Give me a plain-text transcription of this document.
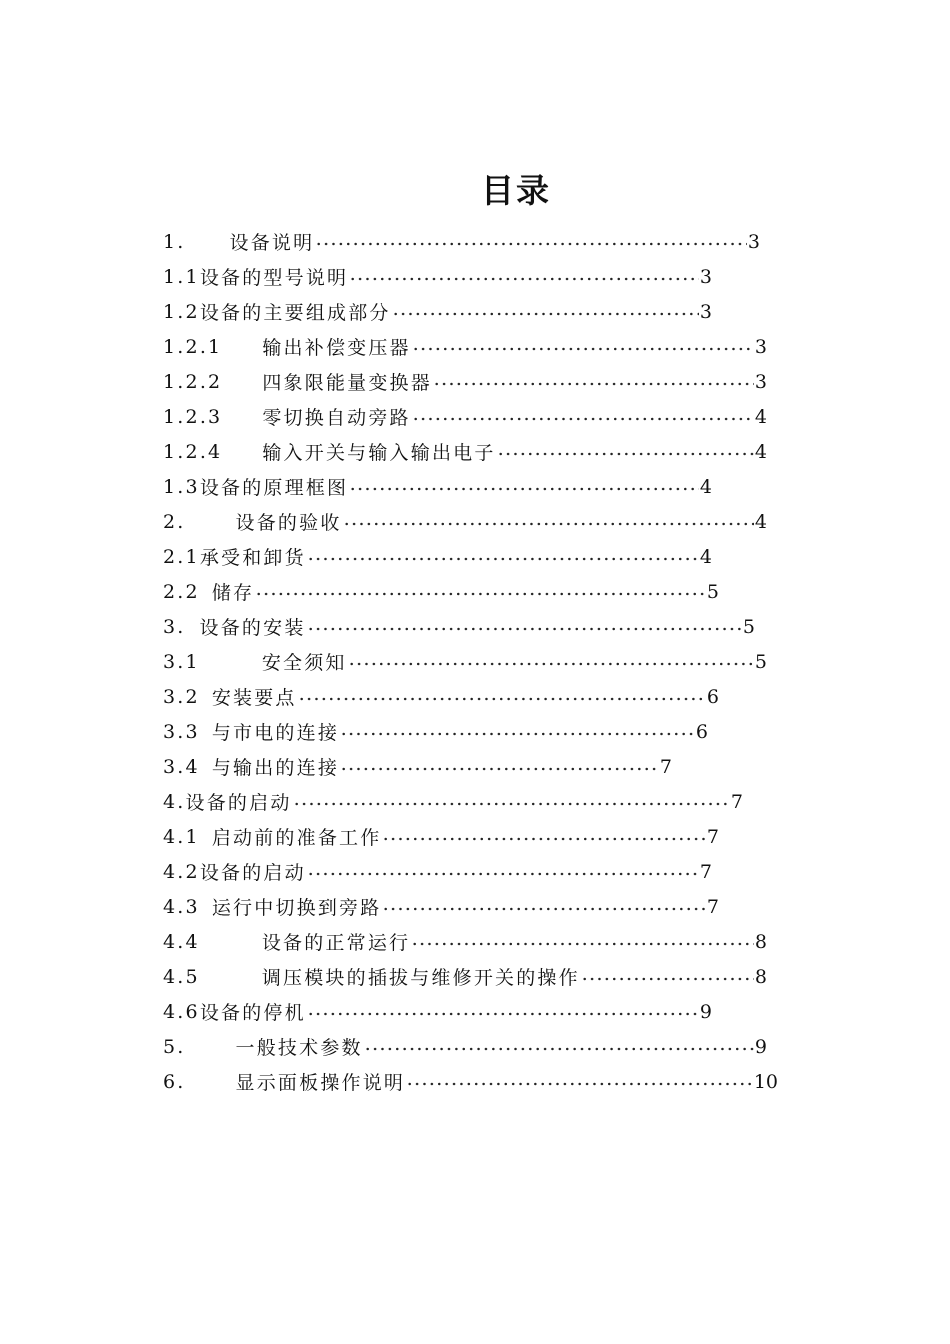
目录
1. 设备说明	3
1.1 设备的型号说明	3
1.2 设备的主要组成部分	3
1.2.1 输出补偿变压器	3
1.2.2 四象限能量变换器	3
1.2.3 零切换自动旁路	4
1.2.4 输入开关与输入输出电子	4
1.3 设备的原理框图	4
2.	设备的验收	4
2.1 承受和卸货	4
2.2 储存	5
3. 设备的安装	5
3.1	安全须知	5
3.2 安装要点	6
3.3 与市电的连接	6
3.4 与输出的连接	7
4. 设备的启动	7
4.1 启动前的准备工作	7
4.2 设备的启动	7
4.3 运行中切换到旁路	7
4.4	设备的正常运行	8
4.5	调压模块的插拔与维修开关的操作	8
4.6 设备的停机	9
5.	一般技术参数	9
6.	显示面板操作说明	10
